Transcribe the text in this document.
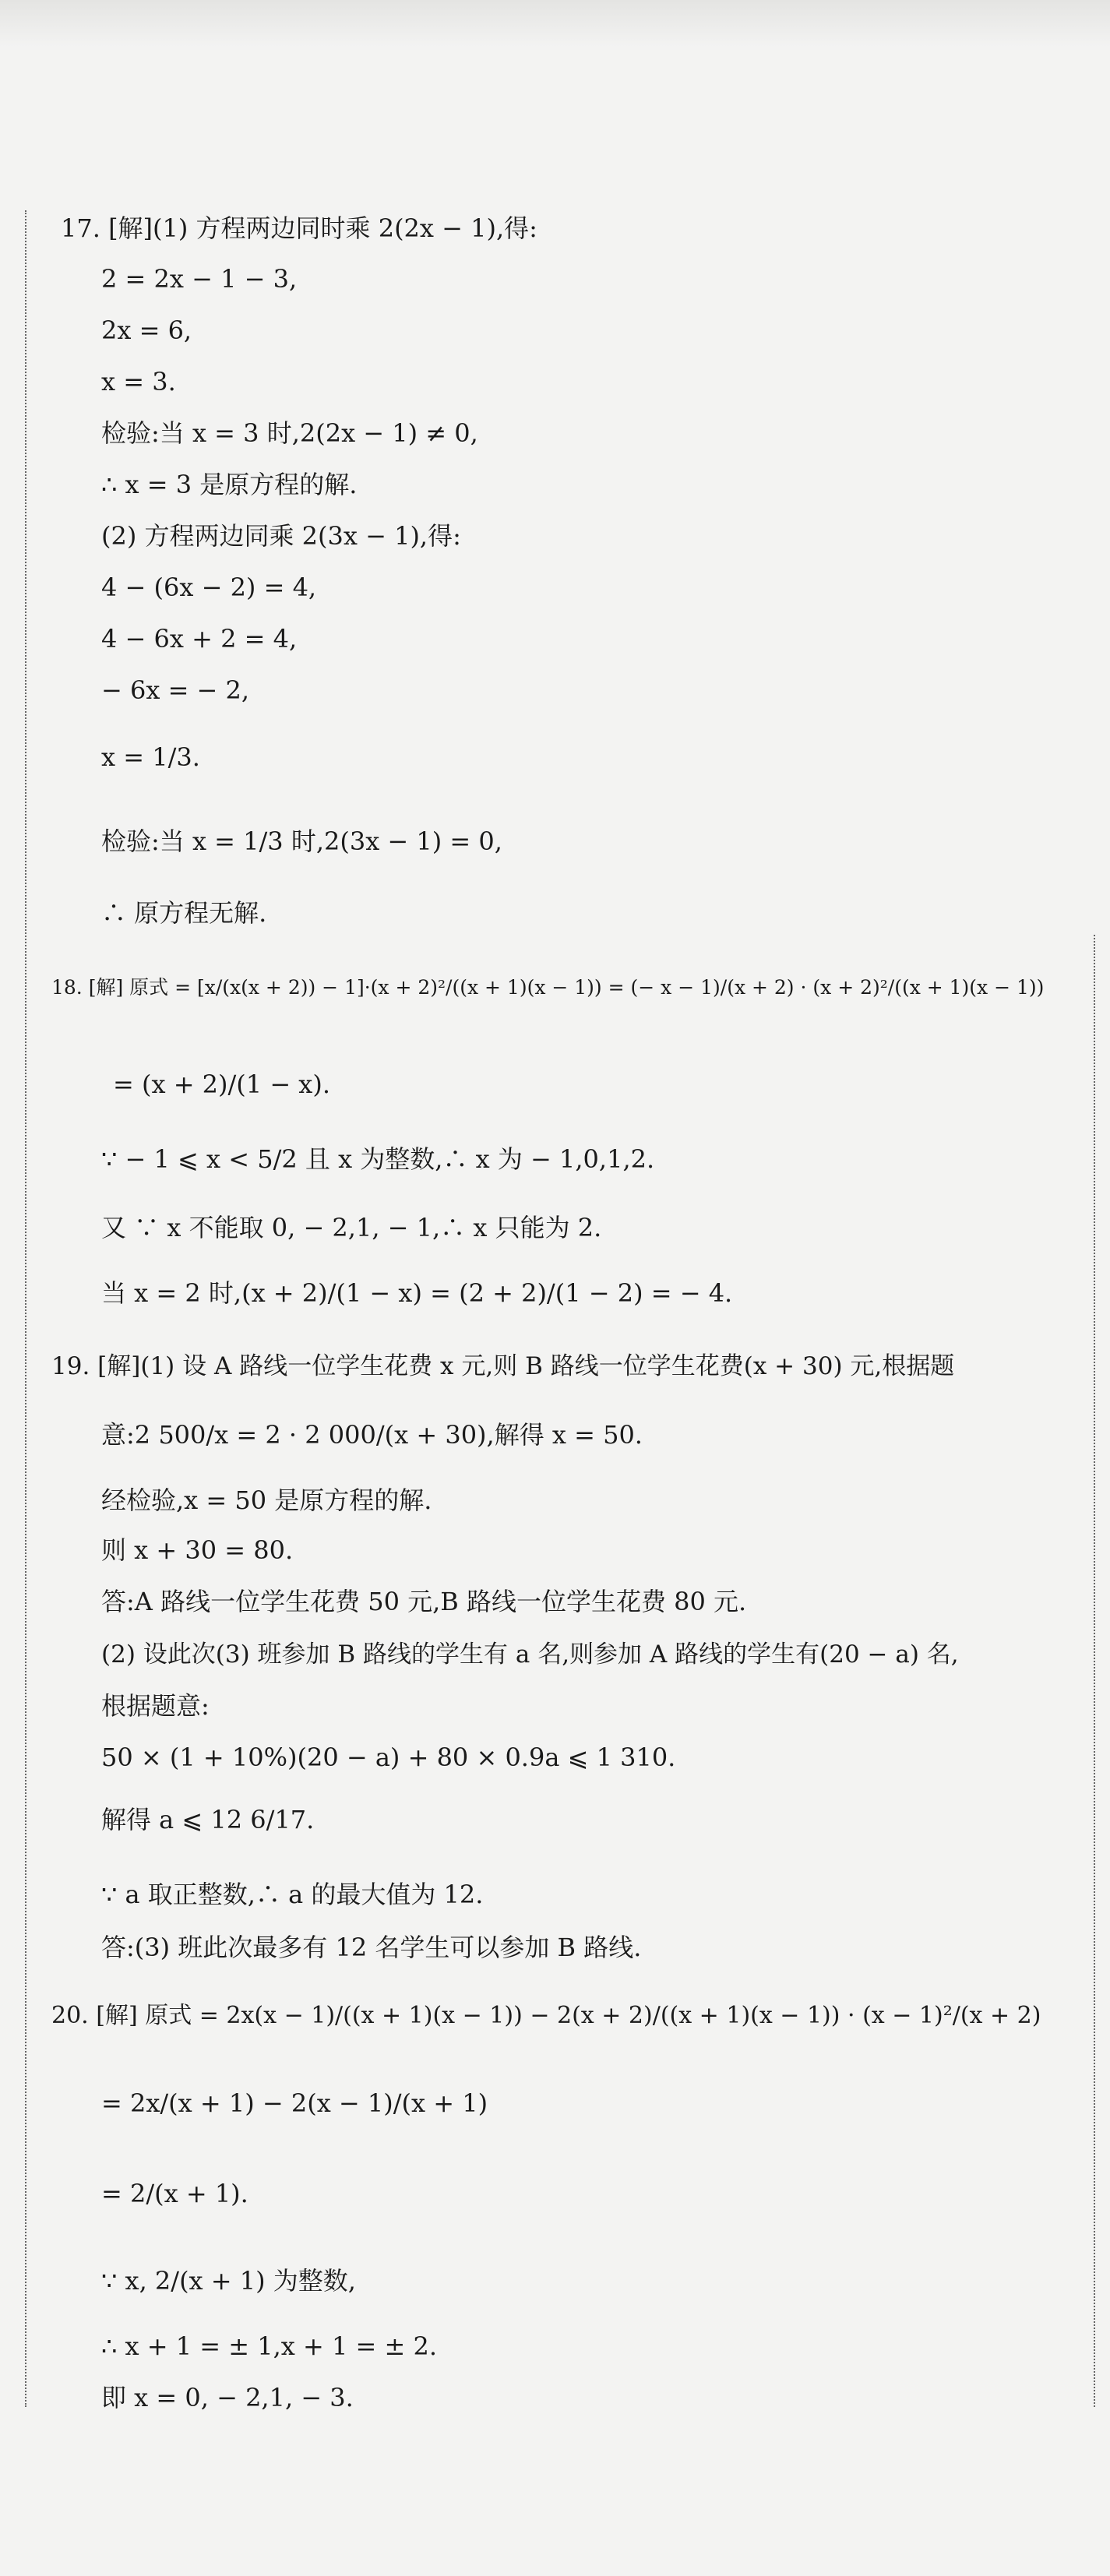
17. [解](1) 方程两边同时乘 2(2x − 1),得:
2 = 2x − 1 − 3,
2x = 6,
x = 3.
检验:当 x = 3 时,2(2x − 1) ≠ 0,
∴ x = 3 是原方程的解.
(2) 方程两边同乘 2(3x − 1),得:
4 − (6x − 2) = 4,
4 − 6x + 2 = 4,
− 6x = − 2,
x = 1/3.
检验:当 x = 1/3 时,2(3x − 1) = 0,
∴ 原方程无解.
18. [解] 原式 = [x/(x(x + 2)) − 1]·(x + 2)²/((x + 1)(x − 1)) = (− x − 1)/(x + 2) · (x + 2)²/((x + 1)(x − 1))
= (x + 2)/(1 − x).
∵ − 1 ⩽ x < 5/2 且 x 为整数,∴ x 为 − 1,0,1,2.
又 ∵ x 不能取 0, − 2,1, − 1,∴ x 只能为 2.
当 x = 2 时,(x + 2)/(1 − x) = (2 + 2)/(1 − 2) = − 4.
19. [解](1) 设 A 路线一位学生花费 x 元,则 B 路线一位学生花费(x + 30) 元,根据题
意:2 500/x = 2 · 2 000/(x + 30),解得 x = 50.
经检验,x = 50 是原方程的解.
则 x + 30 = 80.
答:A 路线一位学生花费 50 元,B 路线一位学生花费 80 元.
(2) 设此次(3) 班参加 B 路线的学生有 a 名,则参加 A 路线的学生有(20 − a) 名,
根据题意:
50 × (1 + 10%)(20 − a) + 80 × 0.9a ⩽ 1 310.
解得 a ⩽ 12 6/17.
∵ a 取正整数,∴ a 的最大值为 12.
答:(3) 班此次最多有 12 名学生可以参加 B 路线.
20. [解] 原式 = 2x(x − 1)/((x + 1)(x − 1)) − 2(x + 2)/((x + 1)(x − 1)) · (x − 1)²/(x + 2)
= 2x/(x + 1) − 2(x − 1)/(x + 1)
= 2/(x + 1).
∵ x, 2/(x + 1) 为整数,
∴ x + 1 = ± 1,x + 1 = ± 2.
即 x = 0, − 2,1, − 3.
